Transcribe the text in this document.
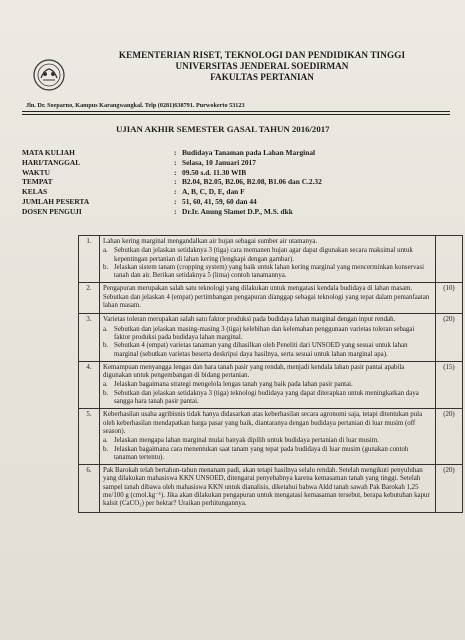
KEMENTERIAN RISET, TEKNOLOGI DAN PENDIDIKAN TINGGI
UNIVERSITAS JENDERAL SOEDIRMAN
FAKULTAS PERTANIAN
Jln. Dr. Soeparno, Kampus Karangwangkal. Telp (0281)638791. Purwokerto 53123
UJIAN AKHIR SEMESTER GASAL TAHUN 2016/2017
MATA KULIAH	: Budidaya Tanaman pada Lahan Marginal
HARI/TANGGAL	: Selasa, 10 Januari 2017
WAKTU	: 09.50 s.d. 11.30 WIB
TEMPAT	: B2.04, B2.05, B2.06, B2.08, B1.06 dan C.2.32
KELAS	: A, B, C, D, E, dan F
JUMLAH PESERTA	: 51, 60, 41, 59, 60 dan 44
DOSEN PENGUJI	: Dr.Ir. Anung Slamet D.P., M.S. dkk
1.	Lahan kering marginal mengandalkan air hujan sebagai sumber air utamanya.
a. Sebutkan dan jelaskan setidaknya 3 (tiga) cara memanen hujan agar dapat digunakan secara maksimal untuk kepentingan pertanian di lahan kering (lengkapi dengan gambar).
b. Jelaskan sistem tanam (cropping system) yang baik untuk lahan kering marginal yang mencerminkan konservasi tanah dan air. Berikan setidaknya 5 (lima) contoh tanamannya.	

2.	Pengapuran merupakan salah satu teknologi yang dilakukan untuk mengatasi kendala budidaya di lahan masam. Sebutkan dan jelaskan 4 (empat) pertimbangan pengapuran dianggap sebagai teknologi yang tepat dalam pemanfaatan lahan masam.	(10)
3.	Varietas toleran merupakan salah satu faktor produksi pada budidaya lahan marginal dengan input rendah.
a. Sebutkan dan jelaskan masing-masing 3 (tiga) kelebihan dan kelemahan penggunaan varietas toleran sebagai faktor produksi pada budidaya lahan marginal.
b. Sebutkan 4 (empat) varietas tanaman yang dihasilkan oleh Peneliti dari UNSOED yang sesuai untuk lahan marginal (sebutkan varietas beserta deskripsi daya hasilnya, serta sesuai untuk lahan marginal apa).	(20)
4.	Kemampuan menyangga lengas dan hara tanah pasir yang rendah, menjadi kendala lahan pasir pantai apabila digunakan untuk pengembangan di bidang pertanian.
a. Jelaskan bagaimana strategi mengelola lengas tanah yang baik pada lahan pasir pantai.
b. Sebutkan dan jelaskan setidaknya 3 (tiga) teknologi budidaya yang dapat diterapkan untuk meningkatkan daya sangga hara tanah pasir pantai.	(15)
5.	Keberhasilan usaha agribisnis tidak hanya didasarkan atas keberhasilan secara agronomi saja, tetapi ditentukan pula oleh keberhasilan mendapatkan harga pasar yang baik, diantaranya dengan budidaya pertanian di luar musim (off season).
a. Jelaskan mengapa lahan marginal mulai banyak dipilih untuk budidaya pertanian di luar musim.
b. Jelaskan bagaimana cara menentukan saat tanam yang tepat pada budidaya di luar musim (gunakan contoh tanaman tertentu).	(20)
6.	Pak Barokah telah bertahun-tahun menanam padi, akan tetapi hasilnya selalu rendah. Setelah mengikuti penyuluhan yang dilakukan mahasiswa KKN UNSOED, ditengarai penyebabnya karena kemasaman tanah yang tinggi. Setelah sampel tanah dibawa oleh mahasiswa KKN untuk dianalisis, diketahui bahwa Aldd tanah sawah Pak Barokah 1,25 me/100 g (cmol.kg⁻¹). Jika akan dilakukan pengapuran untuk mengatasi kemasaman tersebut, berapa kebutuhan kapur kalsit (CaCO₃) per hektar? Uraikan perhitungannya.	(20)
